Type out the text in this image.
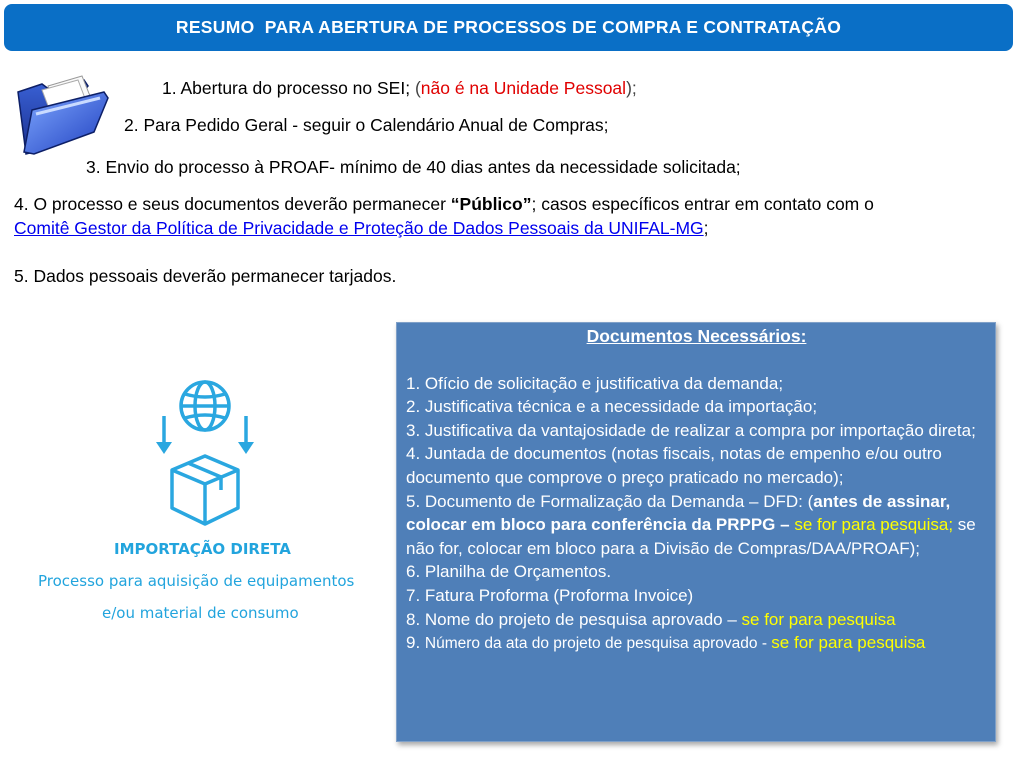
RESUMO  PARA ABERTURA DE PROCESSOS DE COMPRA E CONTRATAÇÃO
1. Abertura do processo no SEI; (não é na Unidade Pessoal);
2. Para Pedido Geral - seguir o Calendário Anual de Compras;
3. Envio do processo à PROAF- mínimo de 40 dias antes da necessidade solicitada;
4. O processo e seus documentos deverão permanecer “Público”; casos específicos entrar em contato com o
Comitê Gestor da Política de Privacidade e Proteção de Dados Pessoais da UNIFAL-MG;
5. Dados pessoais deverão permanecer tarjados.
IMPORTAÇÃO DIRETA
Processo para aquisição de equipamentos
e/ou material de consumo
Documentos Necessários:
1. Ofício de solicitação e justificativa da demanda;
2. Justificativa técnica e a necessidade da importação;
3. Justificativa da vantajosidade de realizar a compra por importação direta;
4. Juntada de documentos (notas fiscais, notas de empenho e/ou outro documento que comprove o preço praticado no mercado);
5. Documento de Formalização da Demanda – DFD: (antes de assinar, colocar em bloco para conferência da PRPPG – se for para pesquisa; se não for, colocar em bloco para a Divisão de Compras/DAA/PROAF);
6. Planilha de Orçamentos.
7. Fatura Proforma (Proforma Invoice)
8. Nome do projeto de pesquisa aprovado – se for para pesquisa
9. Número da ata do projeto de pesquisa aprovado - se for para pesquisa
